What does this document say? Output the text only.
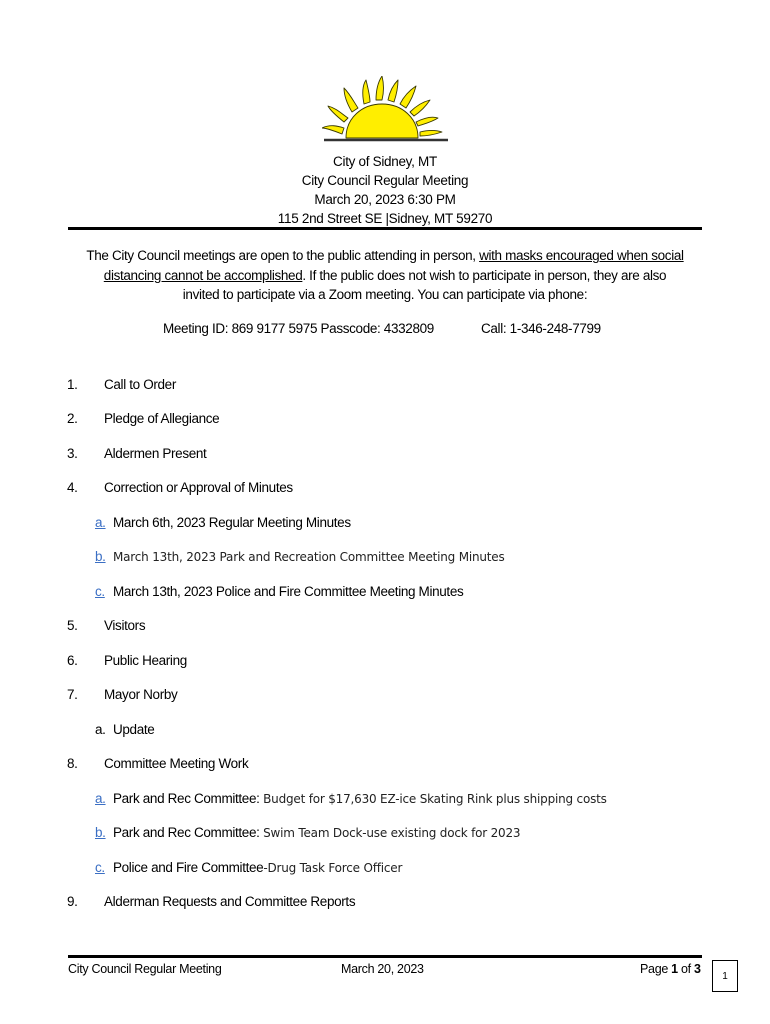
City of Sidney, MT
City Council Regular Meeting
March 20, 2023 6:30 PM
115 2nd Street SE |Sidney, MT 59270
The City Council meetings are open to the public attending in person, with masks encouraged when social
distancing cannot be accomplished. If the public does not wish to participate in person, they are also
invited to participate via a Zoom meeting. You can participate via phone:
Meeting ID: 869 9177 5975 Passcode: 4332809	Call: 1-346-248-7799
1. Call to Order
2. Pledge of Allegiance
3. Aldermen Present
4. Correction or Approval of Minutes
a. March 6th, 2023 Regular Meeting Minutes
b. March 13th, 2023 Park and Recreation Committee Meeting Minutes
c. March 13th, 2023 Police and Fire Committee Meeting Minutes
5. Visitors
6. Public Hearing
7. Mayor Norby
a. Update
8. Committee Meeting Work
a. Park and Rec Committee: Budget for $17,630 EZ-ice Skating Rink plus shipping costs
b. Park and Rec Committee: Swim Team Dock-use existing dock for 2023
c. Police and Fire Committee-Drug Task Force Officer
9. Alderman Requests and Committee Reports
City Council Regular Meeting	March 20, 2023	Page 1 of 3
1
